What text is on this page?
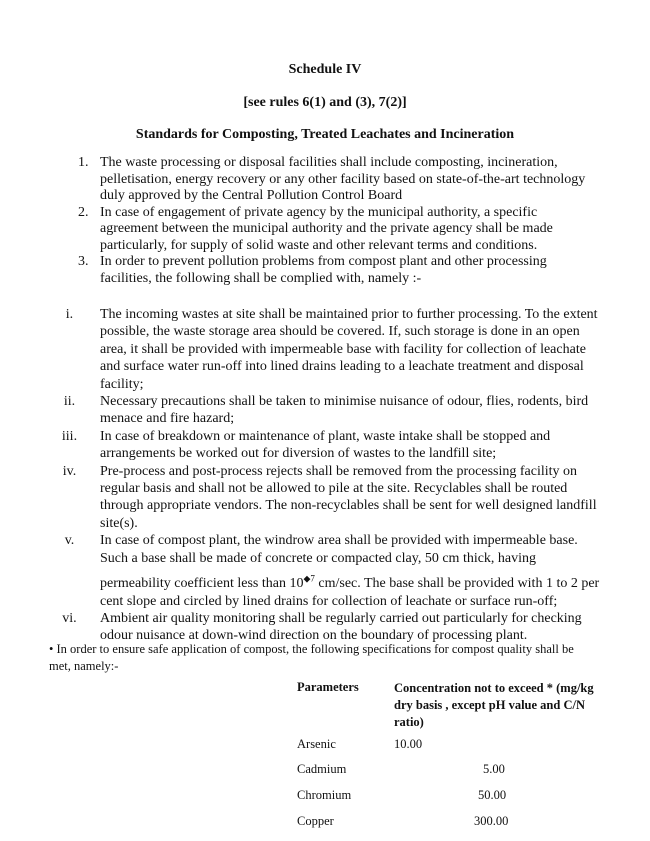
Schedule IV
[see rules 6(1) and (3), 7(2)]
Standards for Composting, Treated Leachates and Incineration
1. The waste processing or disposal facilities shall include composting, incineration, pelletisation, energy recovery or any other facility based on state-of-the-art technology duly approved by the Central Pollution Control Board
2. In case of engagement of private agency by the municipal authority, a specific agreement between the municipal authority and the private agency shall be made particularly, for supply of solid waste and other relevant terms and conditions.
3. In order to prevent pollution problems from compost plant and other processing facilities, the following shall be complied with, namely :-
i.	The incoming wastes at site shall be maintained prior to further processing. To the extent possible, the waste storage area should be covered. If, such storage is done in an open area, it shall be provided with impermeable base with facility for collection of leachate and surface water run-off into lined drains leading to a leachate treatment and disposal facility;
ii.	Necessary precautions shall be taken to minimise nuisance of odour, flies, rodents, bird menace and fire hazard;
iii.	In case of breakdown or maintenance of plant, waste intake shall be stopped and arrangements be worked out for diversion of wastes to the landfill site;
iv.	Pre-process and post-process rejects shall be removed from the processing facility on regular basis and shall not be allowed to pile at the site. Recyclables shall be routed through appropriate vendors. The non-recyclables shall be sent for well designed landfill site(s).
v.	In case of compost plant, the windrow area shall be provided with impermeable base. Such a base shall be made of concrete or compacted clay, 50 cm thick, having
permeability coefficient less than $10^{◆7}$ cm/sec. The base shall be provided with 1 to 2 per cent slope and circled by lined drains for collection of leachate or surface run-off;
vi.	Ambient air quality monitoring shall be regularly carried out particularly for checking odour nuisance at down-wind direction on the boundary of processing plant.
• In order to ensure safe application of compost, the following specifications for compost quality shall be met, namely:-
Parameters	Concentration not to exceed * (mg/kg dry basis , except pH value and C/N ratio)
Arsenic	10.00
Cadmium	5.00
Chromium	50.00
Copper	300.00
